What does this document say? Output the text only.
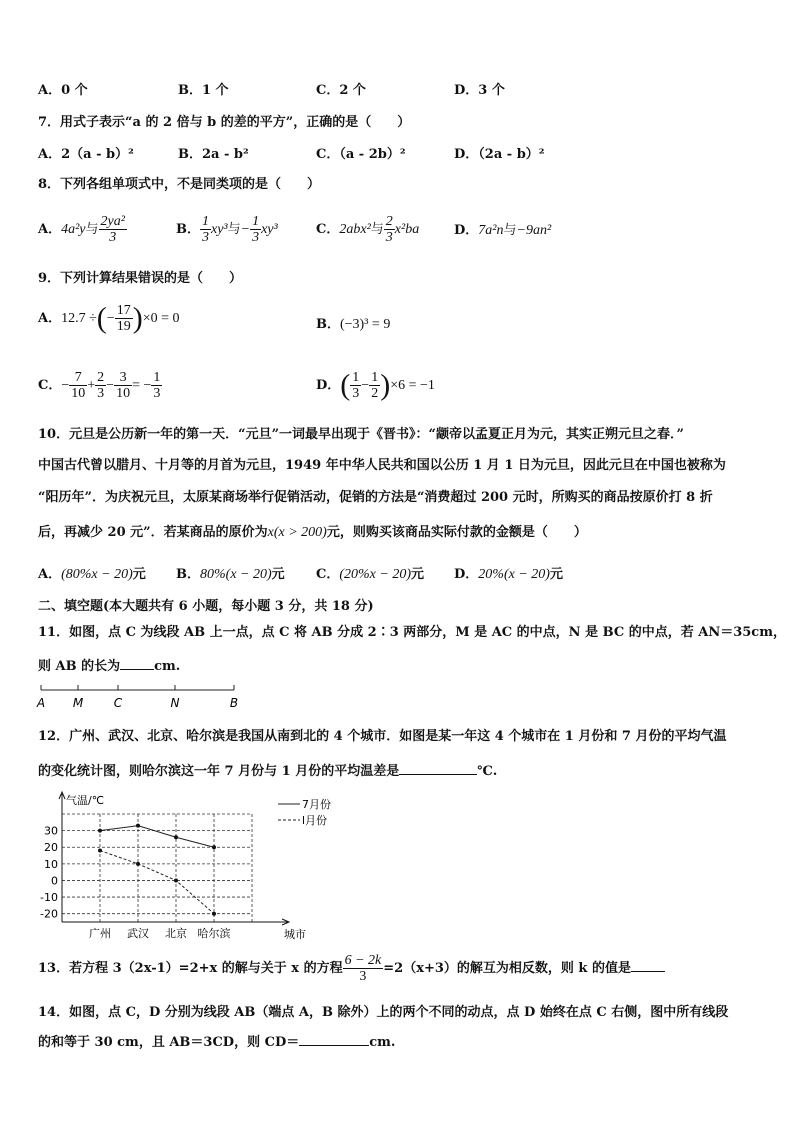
A．0 个	B．1 个	C．2 个	D．3 个
7．用式子表示“a 的 2 倍与 b 的差的平方”，正确的是（　　）
A．2（a - b）²	B．2a - b²	C．（a - 2b）²	D．（2a - b）²
8．下列各组单项式中，不是同类项的是（　　）
A．4a²y与 $\frac{\text{2ya²}}{3}$	B． $\frac{1}{3} xy^3$与− $\frac{1}{3} xy^3$	C．2abx²与 $\frac{2}{3} x^2ba$	D．7a²n与−9an²
9．下列计算结果错误的是（　　）
A．12.7 ÷(− $\frac{17}{19} )\times 0 = 0$	B．(−3)³ = 9
C．− $\frac{7}{10} + \frac{2}{3} - \frac{3}{10}$ = − $\frac{1}{3}$	D．( $\frac{1}{3} - \frac{1}{2} )\times 6 = -1$
10．元旦是公历新一年的第一天．“元旦”一词最早出现于《晋书》：“颛帝以孟夏正月为元，其实正朔元旦之春．”
中国古代曾以腊月、十月等的月首为元旦，1949 年中华人民共和国以公历 1 月 1 日为元旦，因此元旦在中国也被称为
“阳历年”．为庆祝元旦，太原某商场举行促销活动，促销的方法是“消费超过 200 元时，所购买的商品按原价打 8 折
后，再减少 20 元”．若某商品的原价为x(x > 200)元，则购买该商品实际付款的金额是（　　）
A．(80%x − 20)元 B．80%(x − 20)元 C．(20%x − 20)元 D．20%(x − 20)元
二、填空题(本大题共有 6 小题，每小题 3 分，共 18 分)
11．如图，点 C 为线段 AB 上一点，点 C 将 AB 分成 2∶3 两部分，M 是 AC 的中点，N 是 BC 的中点，若 AN＝35cm，
则 AB 的长为	cm.
A M	C	N	B
12．广州、武汉、北京、哈尔滨是我国从南到北的 4 个城市．如图是某一年这 4 个城市在 1 月份和 7 月份的平均气温
的变化统计图，则哈尔滨这一年 7 月份与 1 月份的平均温差是	℃.
30
20
10
0
-10
-20
广州 武汉 北京 哈尔滨
7月份
l月份
气温/℃
城市
13．若方程 3（2x-1）=2+x 的解与关于 x 的方程 $\frac{6 - 2k}{3} =2(x+3)$的解互为相反数，则 k 的值是
14．如图，点 C，D 分别为线段 AB（端点 A，B 除外）上的两个不同的动点，点 D 始终在点 C 右侧，图中所有线段
的和等于 30 cm，且 AB＝3CD，则 CD＝	cm.
